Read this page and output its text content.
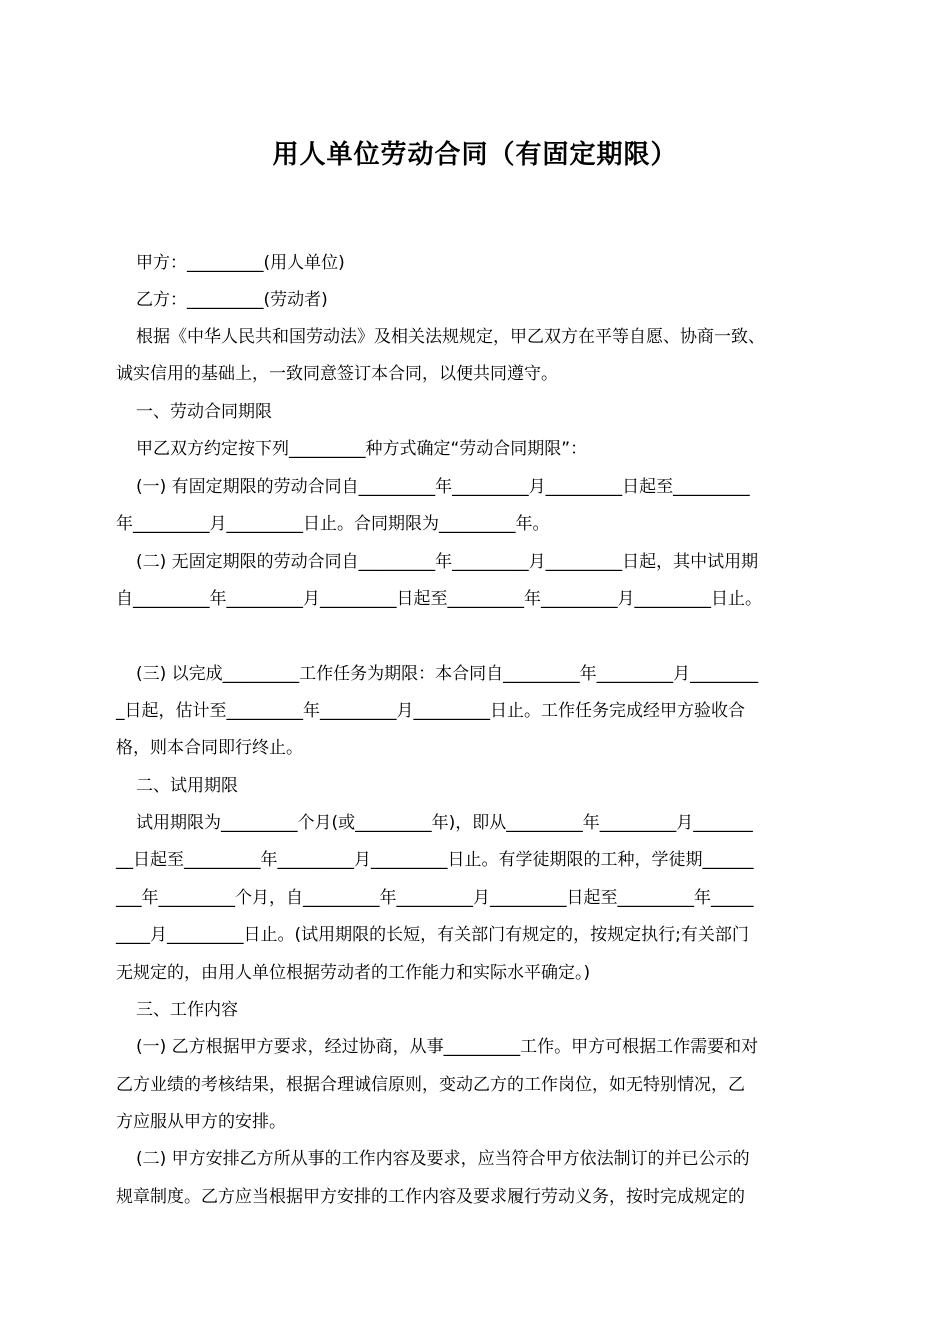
用人单位劳动合同（有固定期限）

甲方：_________(用人单位)

乙方：_________(劳动者)

根据《中华人民共和国劳动法》及相关法规规定，甲乙双方在平等自愿、协商一致、

诚实信用的基础上，一致同意签订本合同，以便共同遵守。

一、劳动合同期限

甲乙双方约定按下列_________种方式确定“劳动合同期限”：

(一) 有固定期限的劳动合同自_________年_________月_________日起至_________

年_________月_________日止。合同期限为_________年。

(二) 无固定期限的劳动合同自_________年_________月_________日起，其中试用期

自_________年_________月_________日起至_________年_________月_________日止。

(三) 以完成_________工作任务为期限：本合同自_________年_________月________

_日起，估计至_________年_________月_________日止。工作任务完成经甲方验收合

格，则本合同即行终止。

二、试用期限

试用期限为_________个月(或_________年)，即从_________年_________月_______

__日起至_________年_________月_________日止。有学徒期限的工种，学徒期______

___年_________个月，自_________年_________月_________日起至_________年_____

____月_________日止。(试用期限的长短，有关部门有规定的，按规定执行;有关部门

无规定的，由用人单位根据劳动者的工作能力和实际水平确定。)

三、工作内容

(一) 乙方根据甲方要求，经过协商，从事_________工作。甲方可根据工作需要和对

乙方业绩的考核结果，根据合理诚信原则，变动乙方的工作岗位，如无特别情况，乙

方应服从甲方的安排。

(二) 甲方安排乙方所从事的工作内容及要求，应当符合甲方依法制订的并已公示的

规章制度。乙方应当根据甲方安排的工作内容及要求履行劳动义务，按时完成规定的
